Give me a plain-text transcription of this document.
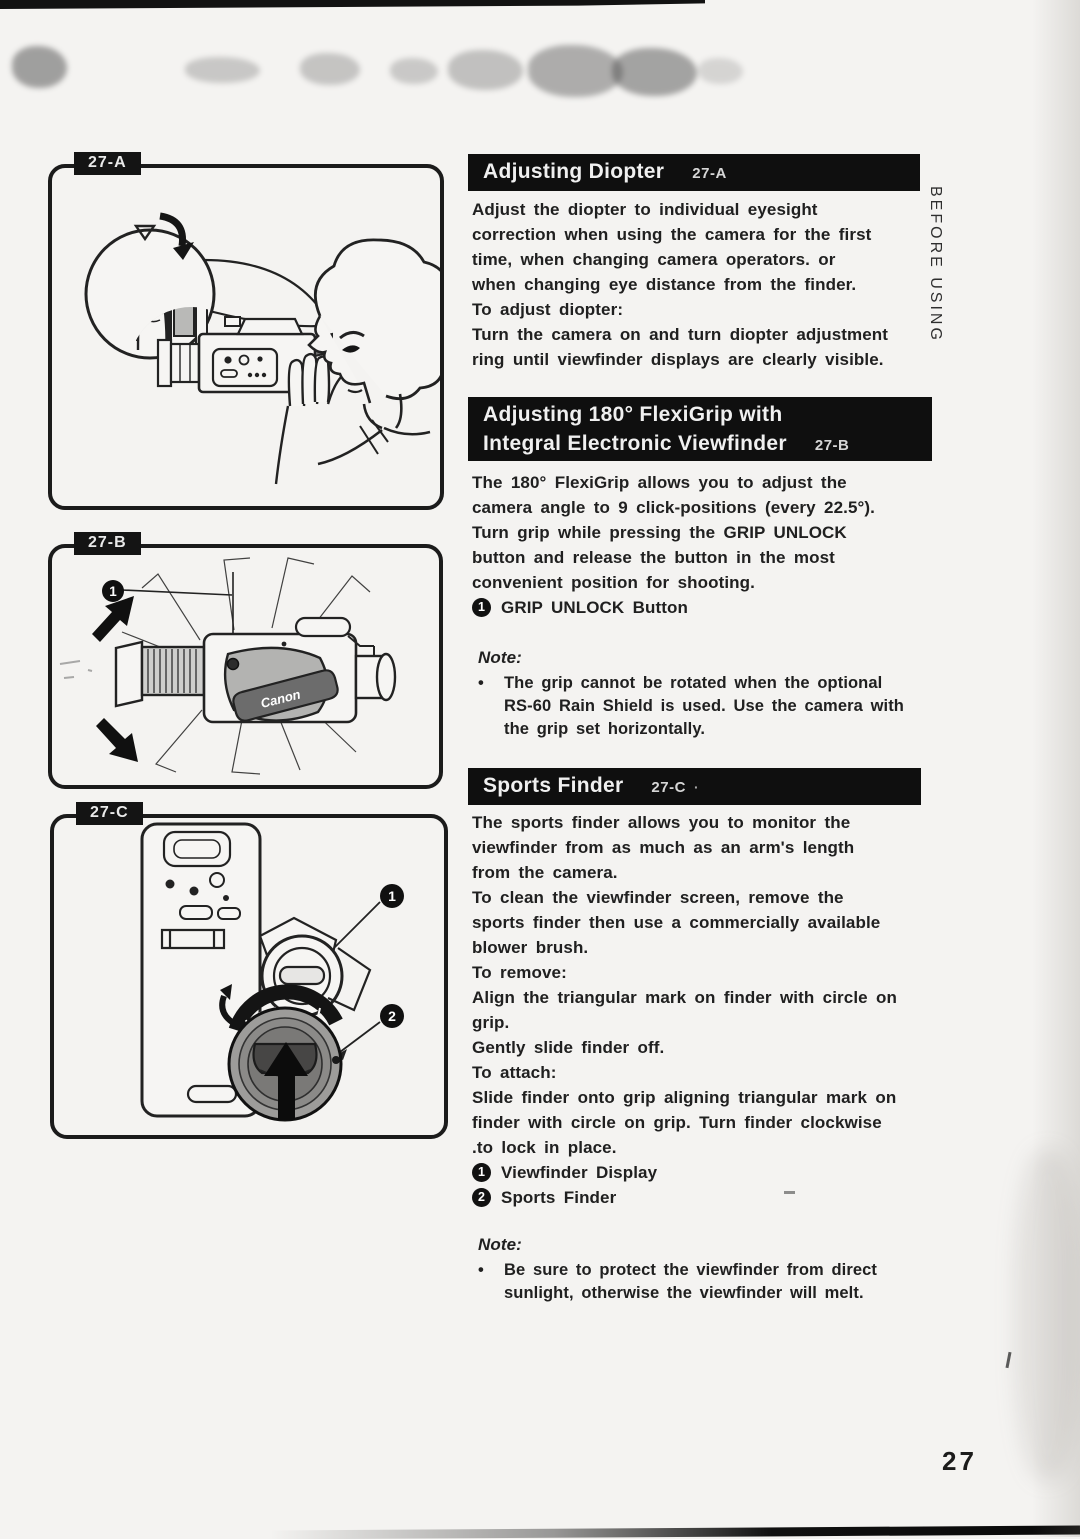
BEFORE USING
27
27-A
27-B
1
Canon
27-C
1
2
Adjusting Diopter 27-A
Adjust the diopter to individual eyesight
correction when using the camera for the first
time, when changing camera operators. or
when changing eye distance from the finder.
To adjust diopter:
Turn the camera on and turn diopter adjustment
ring until viewfinder displays are clearly visible.
Adjusting 180° FlexiGrip with
Integral Electronic Viewfinder 27-B
The 180° FlexiGrip allows you to adjust the
camera angle to 9 click-positions (every 22.5°).
Turn grip while pressing the GRIP UNLOCK
button and release the button in the most
convenient position for shooting.
1 GRIP UNLOCK Button
Note:
•	The grip cannot be rotated when the optional
RS-60 Rain Shield is used. Use the camera with
the grip set horizontally.
Sports Finder 27-C ·
The sports finder allows you to monitor the
viewfinder from as much as an arm's length
from the camera.
To clean the viewfinder screen, remove the
sports finder then use a commercially available
blower brush.
To remove:
Align the triangular mark on finder with circle on
grip.
Gently slide finder off.
To attach:
Slide finder onto grip aligning triangular mark on
finder with circle on grip. Turn finder clockwise
.to lock in place.
1 Viewfinder Display
2 Sports Finder
Note:
•	Be sure to protect the viewfinder from direct
sunlight, otherwise the viewfinder will melt.
